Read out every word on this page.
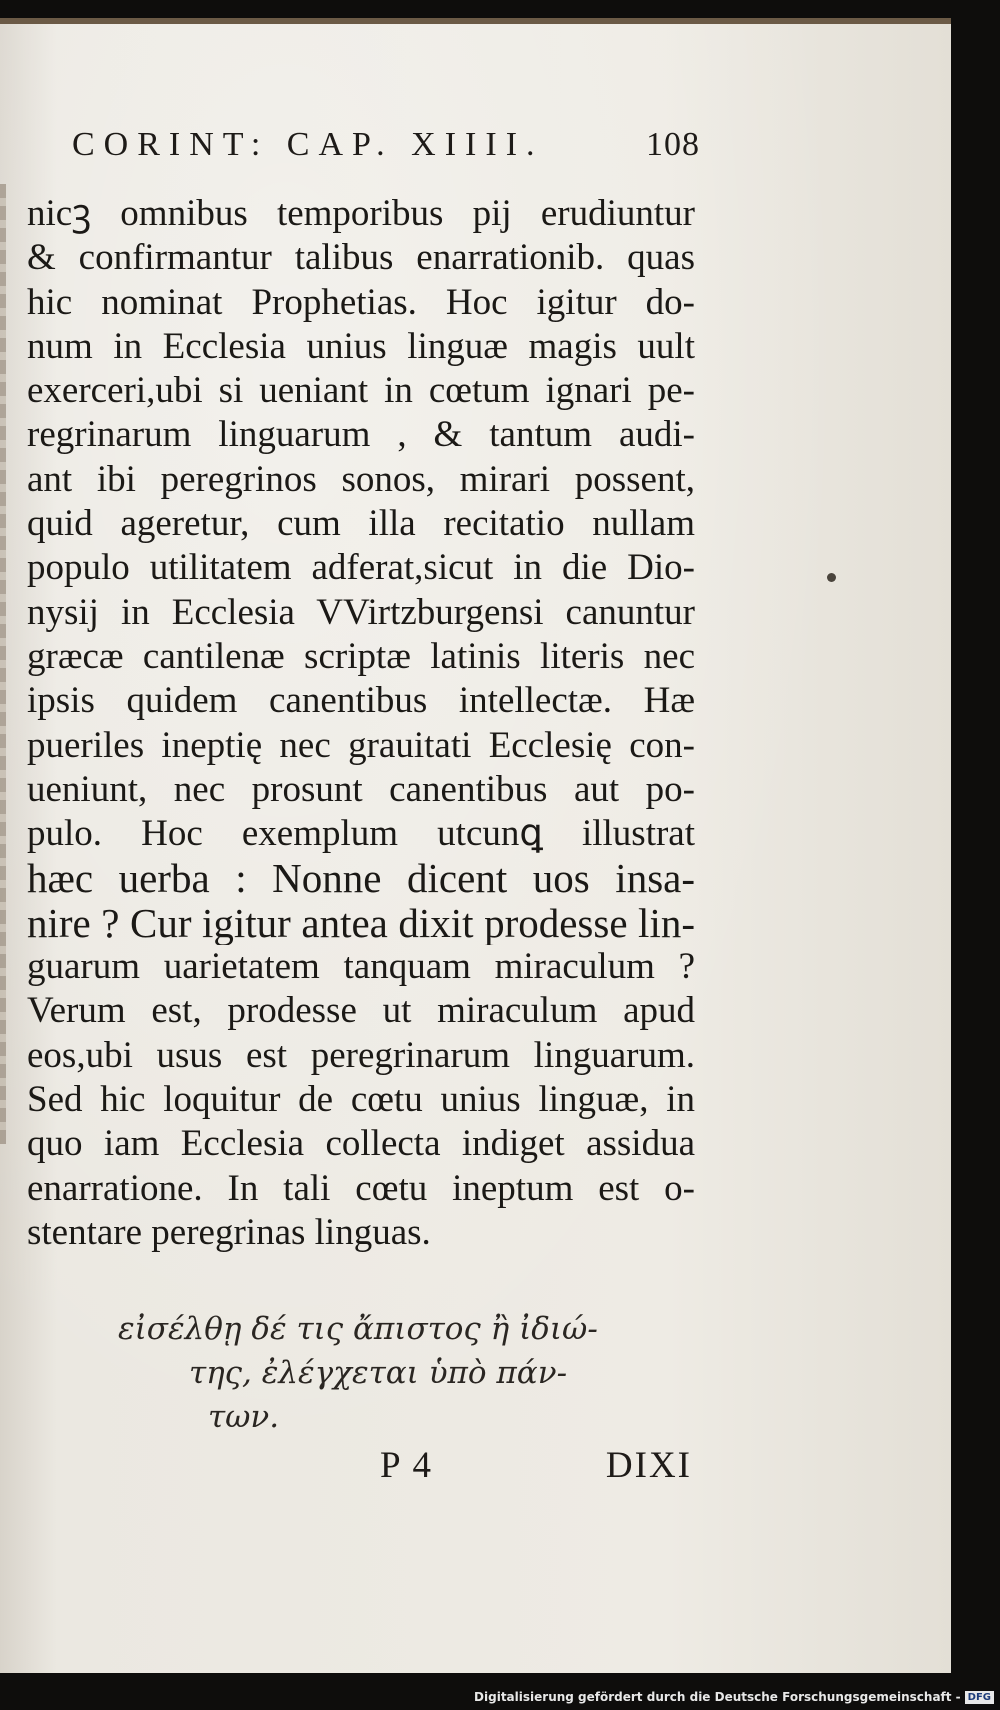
CORINT: CAP. XIIII.	108
nicꝫ omnibus temporibus pij erudiuntur
& confirmantur talibus enarrationib. quas
hic nominat Prophetias. Hoc igitur do-
num in Ecclesia unius linguæ magis uult
exerceri,ubi si ueniant in cœtum ignari pe-
regrinarum linguarum , & tantum audi-
ant ibi peregrinos sonos, mirari possent,
quid ageretur, cum illa recitatio nullam
populo utilitatem adferat,sicut in die Dio-
nysij in Ecclesia VVirtzburgensi canuntur
græcæ cantilenæ scriptæ latinis literis nec
ipsis quidem canentibus intellectæ. Hæ
pueriles ineptię nec grauitati Ecclesię con-
ueniunt, nec prosunt canentibus aut po-
pulo. Hoc exemplum utcunꝗ illustrat
hæc uerba : Nonne dicent uos insa-
nire ? Cur igitur antea dixit prodesse lin-
guarum uarietatem tanquam miraculum ?
Verum est, prodesse ut miraculum apud
eos,ubi usus est peregrinarum linguarum.
Sed hic loquitur de cœtu unius linguæ, in
quo iam Ecclesia collecta indiget assidua
enarratione. In tali cœtu ineptum est o-
stentare peregrinas linguas.
εἰσέλθῃ δέ τις ἄπιστος ἢ ἰδιώ-
της, ἐλέγχεται ὑπὸ πάν-
των.
P 4	DIXI
Digitalisierung gefördert durch die Deutsche Forschungsgemeinschaft - DFG
